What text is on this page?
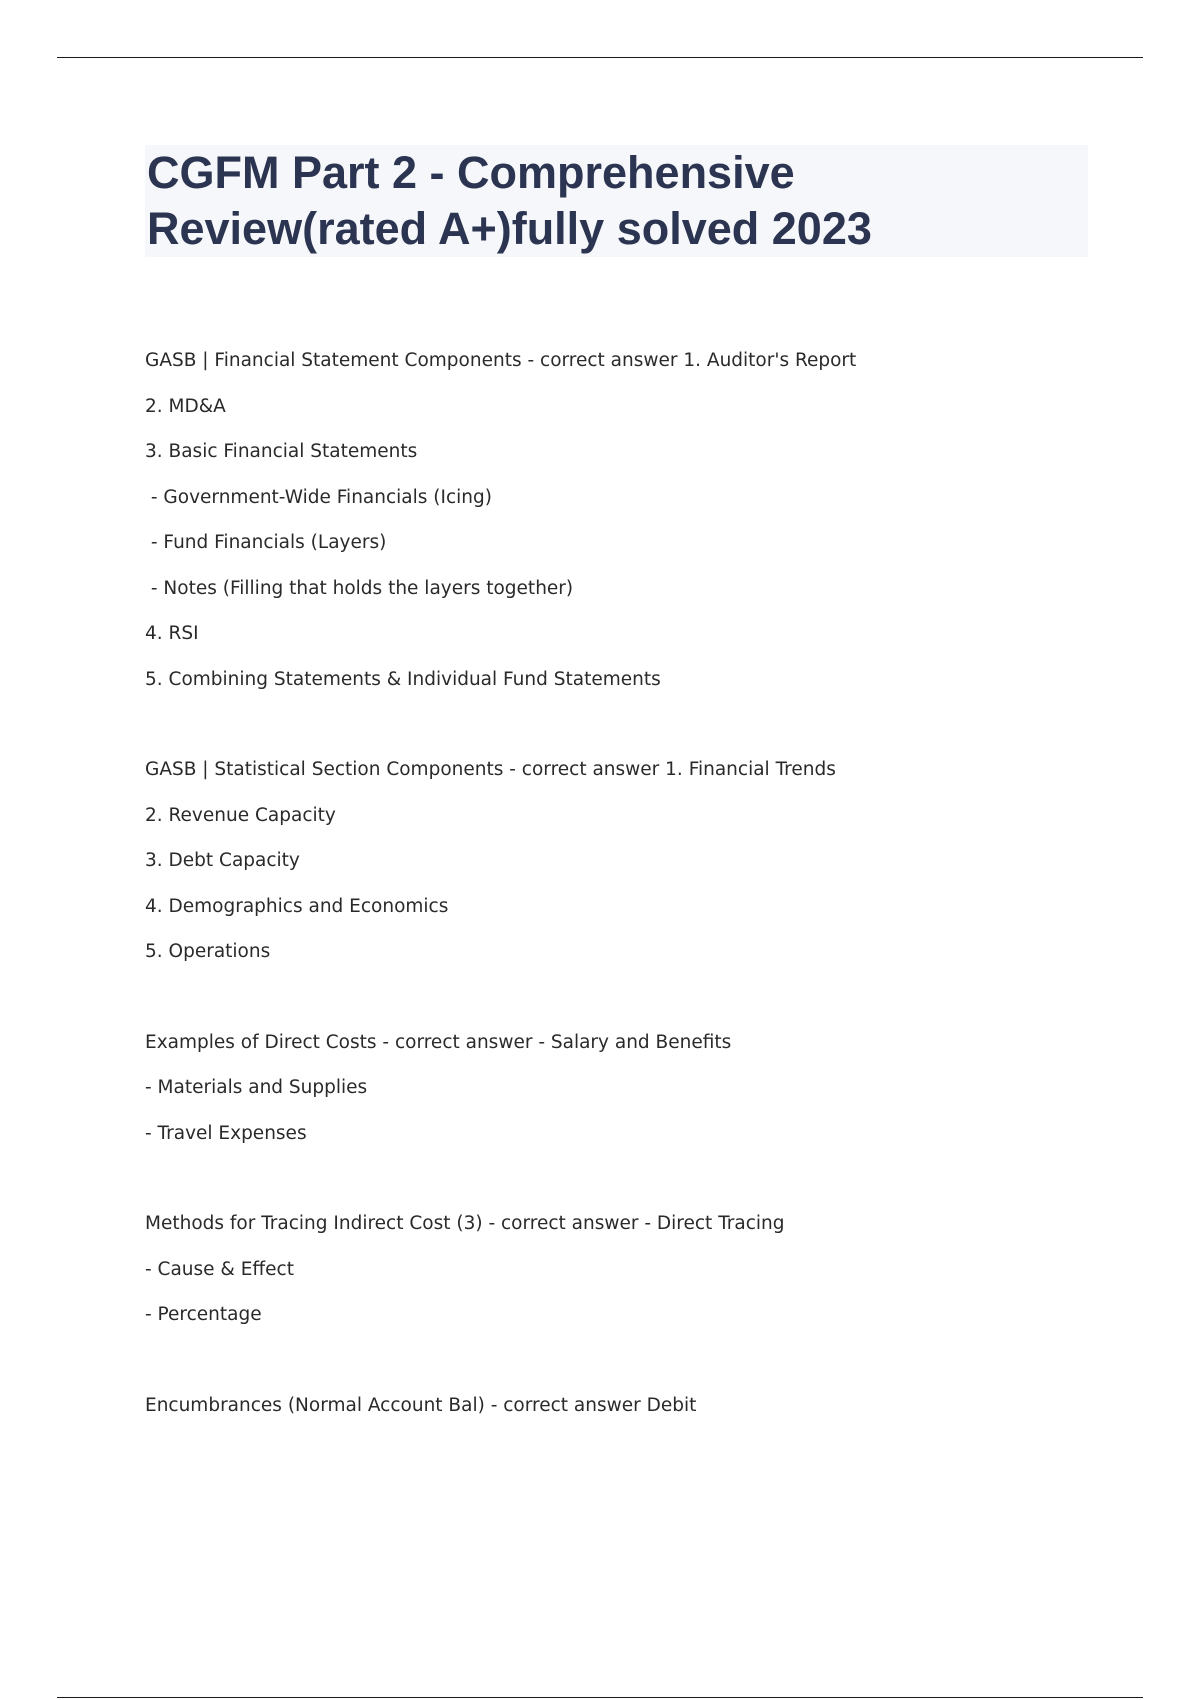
CGFM Part 2 - Comprehensive
Review(rated A+)fully solved 2023
GASB | Financial Statement Components - correct answer 1. Auditor's Report
2. MD&A
3. Basic Financial Statements
- Government-Wide Financials (Icing)
- Fund Financials (Layers)
- Notes (Filling that holds the layers together)
4. RSI
5. Combining Statements & Individual Fund Statements
GASB | Statistical Section Components - correct answer 1. Financial Trends
2. Revenue Capacity
3. Debt Capacity
4. Demographics and Economics
5. Operations
Examples of Direct Costs - correct answer - Salary and Benefits
- Materials and Supplies
- Travel Expenses
Methods for Tracing Indirect Cost (3) - correct answer - Direct Tracing
- Cause & Effect
- Percentage
Encumbrances (Normal Account Bal) - correct answer Debit
